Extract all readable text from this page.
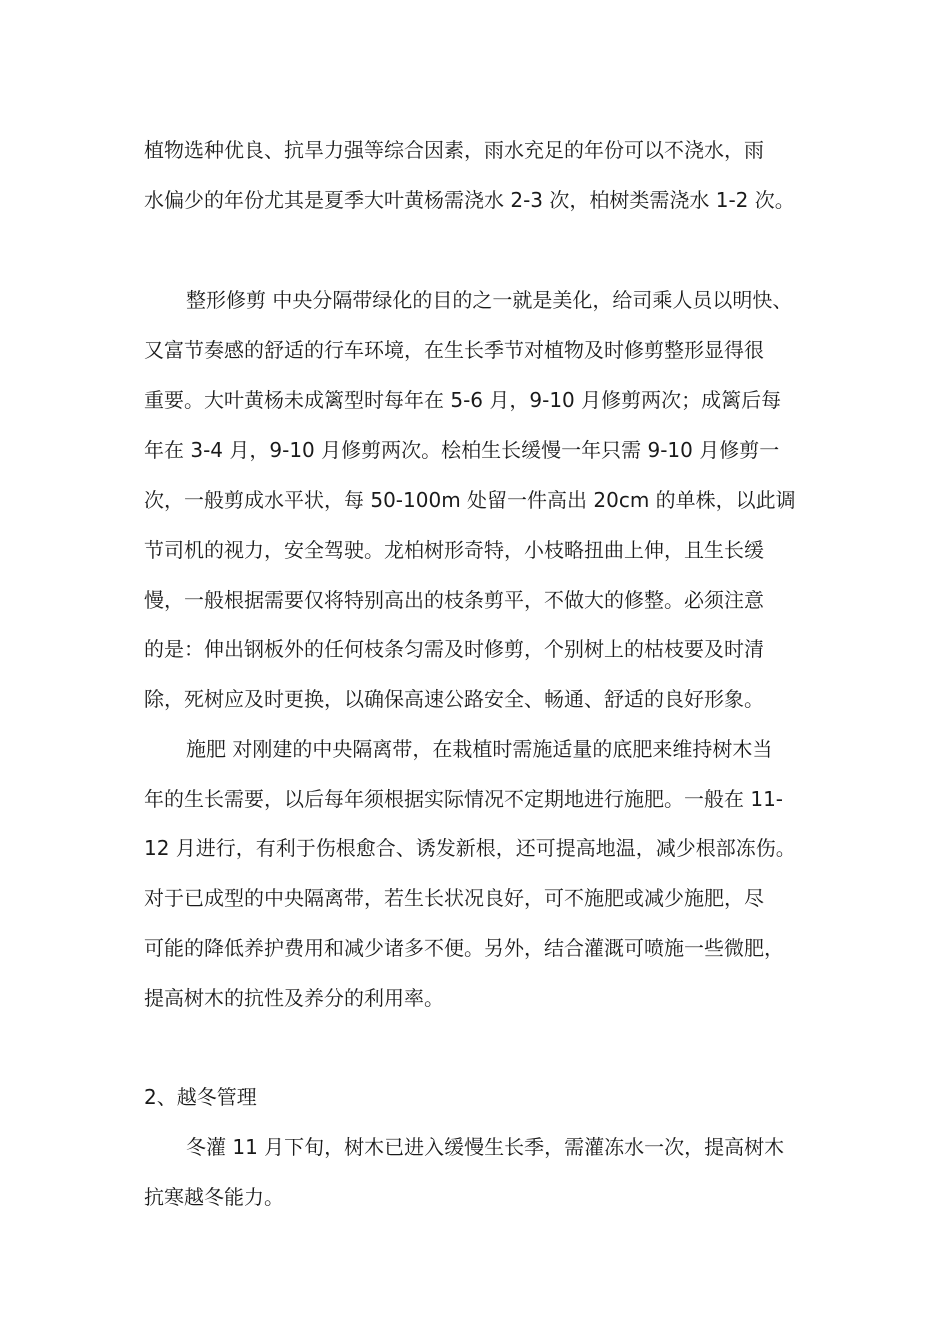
植物选种优良、抗旱力强等综合因素，雨水充足的年份可以不浇水，雨
水偏少的年份尤其是夏季大叶黄杨需浇水 2-3 次，柏树类需浇水 1-2 次。
整形修剪 中央分隔带绿化的目的之一就是美化，给司乘人员以明快、
又富节奏感的舒适的行车环境，在生长季节对植物及时修剪整形显得很
重要。大叶黄杨未成篱型时每年在 5-6 月，9-10 月修剪两次；成篱后每
年在 3-4 月，9-10 月修剪两次。桧柏生长缓慢一年只需 9-10 月修剪一
次，一般剪成水平状，每 50-100m 处留一件高出 20cm 的单株，以此调
节司机的视力，安全驾驶。龙柏树形奇特，小枝略扭曲上伸，且生长缓
慢，一般根据需要仅将特别高出的枝条剪平，不做大的修整。必须注意
的是：伸出钢板外的任何枝条匀需及时修剪，个别树上的枯枝要及时清
除，死树应及时更换，以确保高速公路安全、畅通、舒适的良好形象。
施肥 对刚建的中央隔离带，在栽植时需施适量的底肥来维持树木当
年的生长需要，以后每年须根据实际情况不定期地进行施肥。一般在 11-
12 月进行，有利于伤根愈合、诱发新根，还可提高地温，减少根部冻伤。
对于已成型的中央隔离带，若生长状况良好，可不施肥或减少施肥，尽
可能的降低养护费用和减少诸多不便。另外，结合灌溉可喷施一些微肥，
提高树木的抗性及养分的利用率。
2、越冬管理
冬灌 11 月下旬，树木已进入缓慢生长季，需灌冻水一次，提高树木
抗寒越冬能力。
